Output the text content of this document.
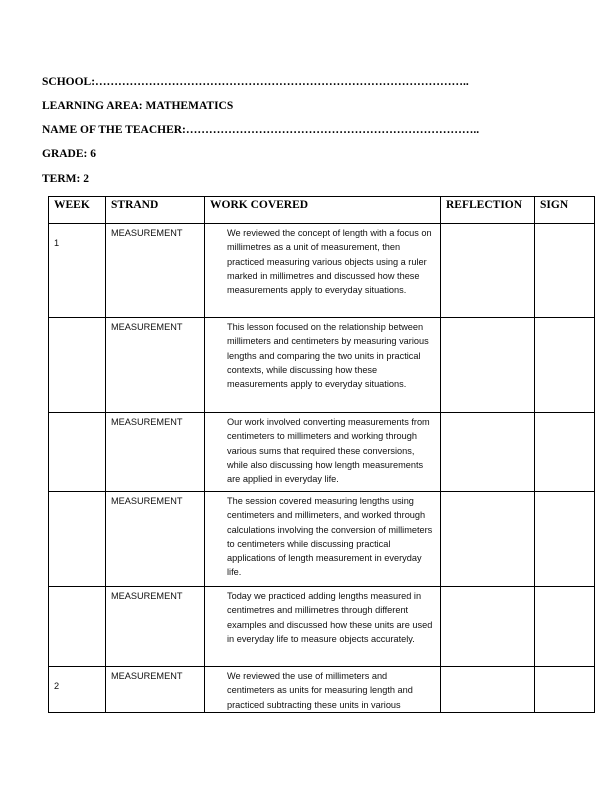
SCHOOL:……………………………………………………………………………………..
LEARNING AREA: MATHEMATICS
NAME OF THE TEACHER:…………………………………………………………………..
GRADE: 6
TERM: 2
WEEK	STRAND	WORK COVERED	REFLECTION	SIGN

1	MEASUREMENT	We reviewed the concept of length with a focus on millimetres as a unit of measurement, then practiced measuring various objects using a ruler marked in millimetres and discussed how these measurements apply to everyday situations.		

	MEASUREMENT	This lesson focused on the relationship between millimeters and centimeters by measuring various lengths and comparing the two units in practical contexts, while discussing how these measurements apply to everyday situations.		

	MEASUREMENT	Our work involved converting measurements from centimeters to millimeters and working through various sums that required these conversions, while also discussing how length measurements are applied in everyday life.		

	MEASUREMENT	The session covered measuring lengths using centimeters and millimeters, and worked through calculations involving the conversion of millimeters to centimeters while discussing practical applications of length measurement in everyday life.		

	MEASUREMENT	Today we practiced adding lengths measured in centimetres and millimetres through different examples and discussed how these units are used in everyday life to measure objects accurately.		

2	MEASUREMENT	We reviewed the use of millimeters and centimeters as units for measuring length and practiced subtracting these units in various		
